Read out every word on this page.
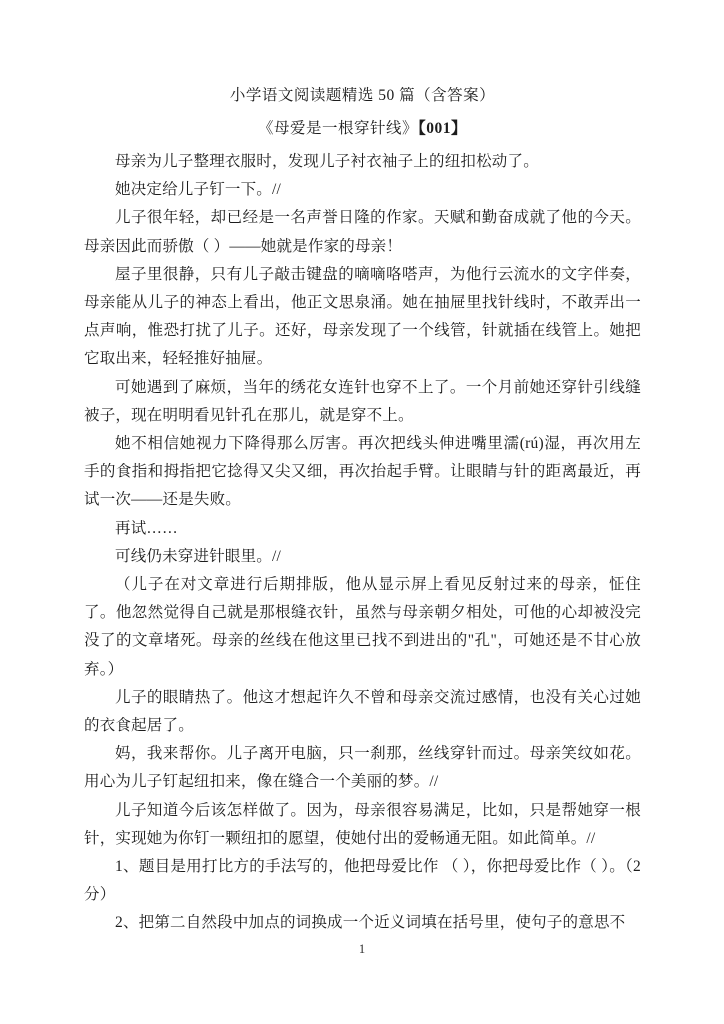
小学语文阅读题精选 50 篇（含答案）
《母爱是一根穿针线》【001】

母亲为儿子整理衣服时，发现儿子衬衣袖子上的纽扣松动了。

她决定给儿子钉一下。//

儿子很年轻，却已经是一名声誉日隆的作家。天赋和勤奋成就了他的今天。母亲因此而骄傲（ ）——她就是作家的母亲！

屋子里很静，只有儿子敲击键盘的嘀嘀咯嗒声，为他行云流水的文字伴奏，母亲能从儿子的神态上看出，他正文思泉涌。她在抽屉里找针线时，不敢弄出一点声响，惟恐打扰了儿子。还好，母亲发现了一个线管，针就插在线管上。她把它取出来，轻轻推好抽屉。

可她遇到了麻烦，当年的绣花女连针也穿不上了。一个月前她还穿针引线缝被子，现在明明看见针孔在那儿，就是穿不上。

她不相信她视力下降得那么厉害。再次把线头伸进嘴里濡(rú)湿，再次用左手的食指和拇指把它捻得又尖又细，再次抬起手臂。让眼睛与针的距离最近，再试一次——还是失败。

再试……

可线仍未穿进针眼里。//

（儿子在对文章进行后期排版，他从显示屏上看见反射过来的母亲，怔住了。他忽然觉得自己就是那根缝衣针，虽然与母亲朝夕相处，可他的心却被没完没了的文章堵死。母亲的丝线在他这里已找不到进出的"孔"，可她还是不甘心放弃。）

儿子的眼睛热了。他这才想起许久不曾和母亲交流过感情，也没有关心过她的衣食起居了。

妈，我来帮你。儿子离开电脑，只一刹那，丝线穿针而过。母亲笑纹如花。用心为儿子钉起纽扣来，像在缝合一个美丽的梦。//

儿子知道今后该怎样做了。因为，母亲很容易满足，比如，只是帮她穿一根针，实现她为你钉一颗纽扣的愿望，使她付出的爱畅通无阻。如此简单。//

1、题目是用打比方的手法写的，他把母爱比作 （ ），你把母爱比作（ ）。（2分）

2、把第二自然段中加点的词换成一个近义词填在括号里，使句子的意思不

1
